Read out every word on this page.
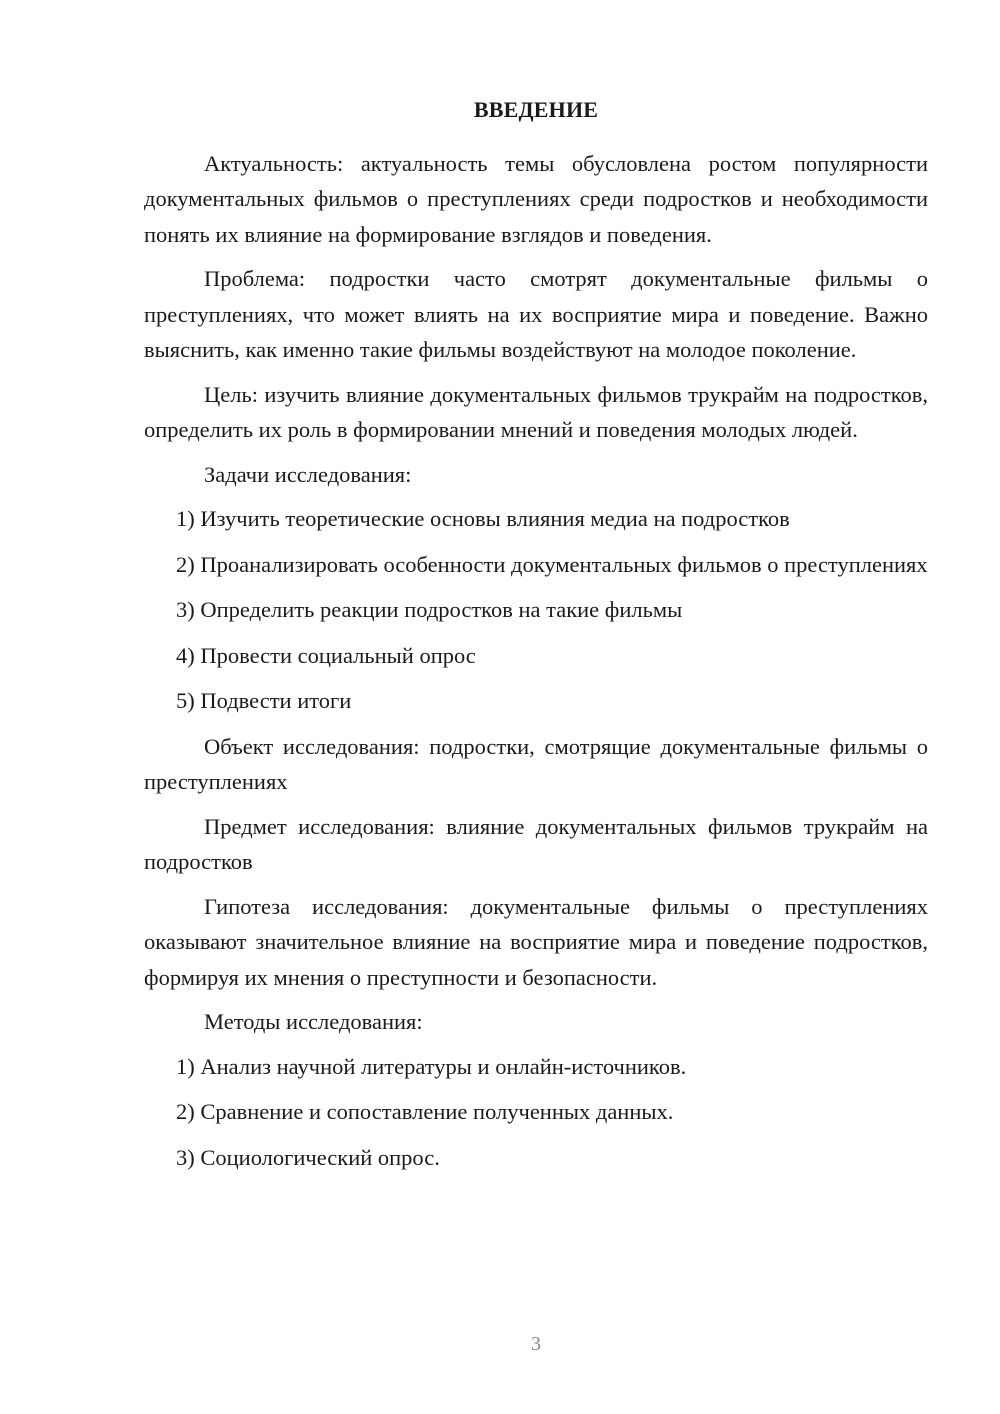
ВВЕДЕНИЕ

Актуальность: актуальность темы обусловлена ростом популярности документальных фильмов о преступлениях среди подростков и необходимости понять их влияние на формирование взглядов и поведения.

Проблема: подростки часто смотрят документальные фильмы о преступлениях, что может влиять на их восприятие мира и поведение. Важно выяснить, как именно такие фильмы воздействуют на молодое поколение.

Цель: изучить влияние документальных фильмов трукрайм на подростков, определить их роль в формировании мнений и поведения молодых людей.

Задачи исследования:

1) Изучить теоретические основы влияния медиа на подростков

2) Проанализировать особенности документальных фильмов о преступлениях

3) Определить реакции подростков на такие фильмы

4) Провести социальный опрос

5) Подвести итоги

Объект исследования: подростки, смотрящие документальные фильмы о преступлениях

Предмет исследования: влияние документальных фильмов трукрайм на подростков

Гипотеза исследования: документальные фильмы о преступлениях оказывают значительное влияние на восприятие мира и поведение подростков, формируя их мнения о преступности и безопасности.

Методы исследования:

1) Анализ научной литературы и онлайн-источников.

2) Сравнение и сопоставление полученных данных.

3) Социологический опрос.

3
